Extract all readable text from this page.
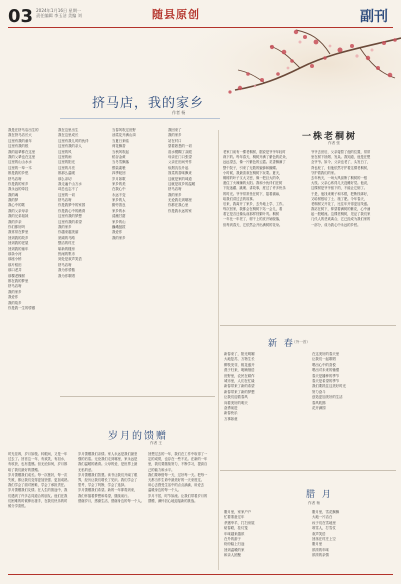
03 2024年1月16日 星期一
责任编辑 李玉洁 美编 刘	随县原创	副刊
挤马店，我的家乡
作者 杨
我是在挤马店出生的
我在挤马店长大
这里有我的童年
这里有我的根
我的祖辈都在这里
我的父辈也在这里
这里的山山水水
这里的一草一木
都是我的乡愁
挤马店呀
你是我的家乡
我永远的牵挂
我的魂
我的梦
我心中的歌
我的父亲母亲
我的兄弟姐妹
我的乡亲
你们都好吗
我常常在梦里
回到我的故乡
回到我的老屋
回到我的童年
那条小河
那座小桥
那片稻田
那口老井
那棵老槐树
都在我的梦里
挤马店呀
我的家乡
我爱你
我的故乡
你是我一生的骄傲
我在这里出生
我在这里成长
这里有我儿时的伙伴
这里有我的亲人
这里的风
这里的雨
这里的阳光
这里的月亮
都那么温暖
那么亲切
我走遍千山万水
却总也忘不了
这里的一切
挤马店呀
你是我梦中的家园
你是我心中的港湾
这里有我的梦想
这里有我的希望
我的家乡
你越来越美丽
宽阔的马路
整洁的村庄
崭新的楼房
热闹的集市
到处是欢声笑语
挤马店呀
我为你骄傲
我为你歌唱
当春风吹过田野
油菜花开满山岗
当夏日来临
荷花飘香
当秋风吹起
稻谷金黄
当冬雪飘落
银装素裹
四季轮回
岁月如歌
家乡的美
在我心中
永远不变
家乡的人
勤劳善良
家乡的水
清澈甘甜
家乡的山
巍峨挺拔
我爱你
我的家乡
我回来了
我的家乡
站在村口
望着熟悉的一切
泪水模糊了双眼
母亲在门口张望
父亲在田间劳作
炊烟袅袅升起
饭菜的香味飘来
这就是家的味道
这就是故乡的温暖
挤马店呀
我的家乡
无论我走到哪里
你都在我心里
你是我永远的家
一株老桐树
作者 张
老家门前有一棵老桐树，据说是爷爷年轻时
栽下的。每年春天，桐树开满了紫色的花朵，
远远望去，像一片紫色的云霞。花香飘满了
整个院子，引来了无数的蜜蜂和蝴蝶。
小时候，我最喜欢在桐树下玩耍。夏天，
桐树的叶子又大又密，像一把巨大的伞，
遮住了火辣辣的太阳。我和小伙伴们在树
下捉迷藏、跳绳、讲故事，度过了许多快乐
的时光。爷爷常常坐在树下，摇着蒲扇，
给我们讲过去的故事。
后来，我离开了家乡，去外地上学、工作。
每次回家，我都会在桐树下站一会儿，看
看它是否还像从前那样枝繁叶茂。桐树
一年比一年老了，树干上的皮开始脱落，
但每到春天，它依然会开出满树的花朵。
爷爷去世后，父亲接替了他的位置，常常
坐在树下抽烟、发呆。我知道，他是在想
念爷爷。如今，父亲也老了，头发白了，
背也驼了，但他依然守护着这棵老桐树，
守护着我们的家。
去年秋天，一场大风刮断了桐树的一根
大枝。父亲心疼得几天没睡好觉。他说，
这棵树是爷爷留下的，不能让它倒了。
于是，他找来绳子和木棍，把断枝绑好，
又给树根培了土、施了肥。今年春天，
老桐树又开花了，比往年开得更加茂盛。
我站在树下，仰望着满树的紫花，心中涌
起一股暖流。这棵老桐树，见证了我们家
几代人的悲欢离合，它已经成为我们家的
一部分，成为我心中永远的乡愁。
新 春
（外一首）
新春来了，阳光明媚
大地复苏，万物生长
柳枝发芽，桃花盛开
燕子归来，呢喃细语
田野里，农民在耕作
城市里，人们在忙碌
新春带来了新的希望
新春带来了新的梦想
让我们迎着春风
向着美好的明天
奋勇前进
新春快乐
万事如意
在这美好的春天里
让我们一起歌唱
唱出心中的喜悦
唱出对未来的憧憬
春天是播种的季节
春天是希望的季节
我们要抓住这美好时光
努力奋斗
创造更加美好的生活
春风吹拂
花开满园
腊 月
作者 杨
腊月里，家家户户
忙着准备过年
杀猪宰羊，打扫房屋
贴春联，挂灯笼
年味越来越浓
在外的游子
纷纷踏上归途
回到温暖的家
和亲人团聚
腊月里，雪花飘飘
大地一片洁白
孩子们在雪地里
堆雪人，打雪仗
欢声笑语
回荡在村庄上空
腊月里
浓浓的年味
浓浓的亲情
岁月的馈赠
作者 王
时光荏苒，岁月如梭。转眼间，又是一年
过去了。回首这一年，有欢笑，有泪水，
有收获，也有遗憾。但无论如何，岁月都
给了我们最好的馈赠。
岁月馈赠我们成长。每一次挫折，每一次
失败，都让我们变得更加坚强、更加成熟。
我们学会了面对困难，学会了承担责任。
岁月馈赠我们友情。在人生的旅途中，我
们遇到了许多志同道合的朋友。他们在我
们困难的时候伸出援手，在我们快乐的时
候分享喜悦。
岁月馈赠我们亲情。家人永远是我们最坚
强的后盾。无论我们走到哪里，家永远是
我们温暖的港湾。父母的爱，是世界上最
无私的爱。
岁月馈赠我们智慧。读书让我们开阔了眼
界，经历让我们增长了见识。我们学会了
思考，学会了判断，学会了选择。
岁月馈赠我们希望。新的一年即将到来，
我们怀揣着梦想和希望，继续前行。
感谢岁月，感谢生活，感谢身边的每一个人。
回想过去的一年，我们在工作中取得了一
定的成绩，也存在一些不足。在新的一年
里，我们要继续努力，不断学习，提高自
己的能力和水平。
我们要珍惜每一天，过好每一天。把每一
天都当作生命中最美好的一天来度过。
用心去感受生活中的点点滴滴，用爱去
温暖身边的每一个人。
岁月不居，时节如流。让我们带着岁月的
馈赠，满怀信心地迎接新的挑战。
